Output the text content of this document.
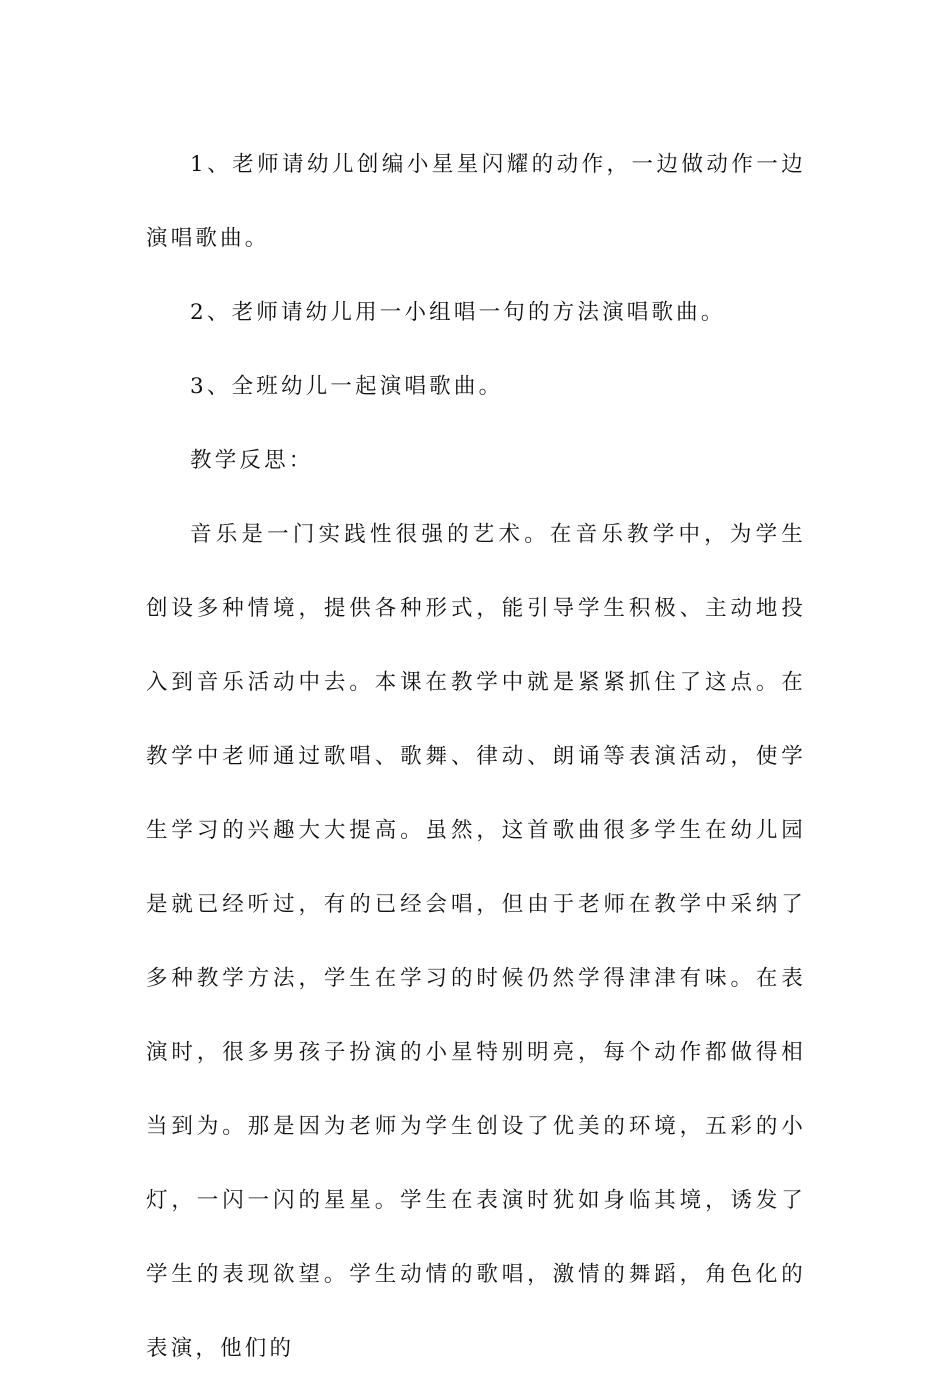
1、老师请幼儿创编小星星闪耀的动作，一边做动作一边演唱歌曲。

2、老师请幼儿用一小组唱一句的方法演唱歌曲。

3、全班幼儿一起演唱歌曲。

教学反思：

音乐是一门实践性很强的艺术。在音乐教学中，为学生创设多种情境，提供各种形式，能引导学生积极、主动地投入到音乐活动中去。本课在教学中就是紧紧抓住了这点。在教学中老师通过歌唱、歌舞、律动、朗诵等表演活动，使学生学习的兴趣大大提高。虽然，这首歌曲很多学生在幼儿园是就已经听过，有的已经会唱，但由于老师在教学中采纳了多种教学方法，学生在学习的时候仍然学得津津有味。在表演时，很多男孩子扮演的小星特别明亮，每个动作都做得相当到为。那是因为老师为学生创设了优美的环境，五彩的小灯，一闪一闪的星星。学生在表演时犹如身临其境，诱发了学生的表现欲望。学生动情的歌唱，激情的舞蹈，角色化的表演，他们的
